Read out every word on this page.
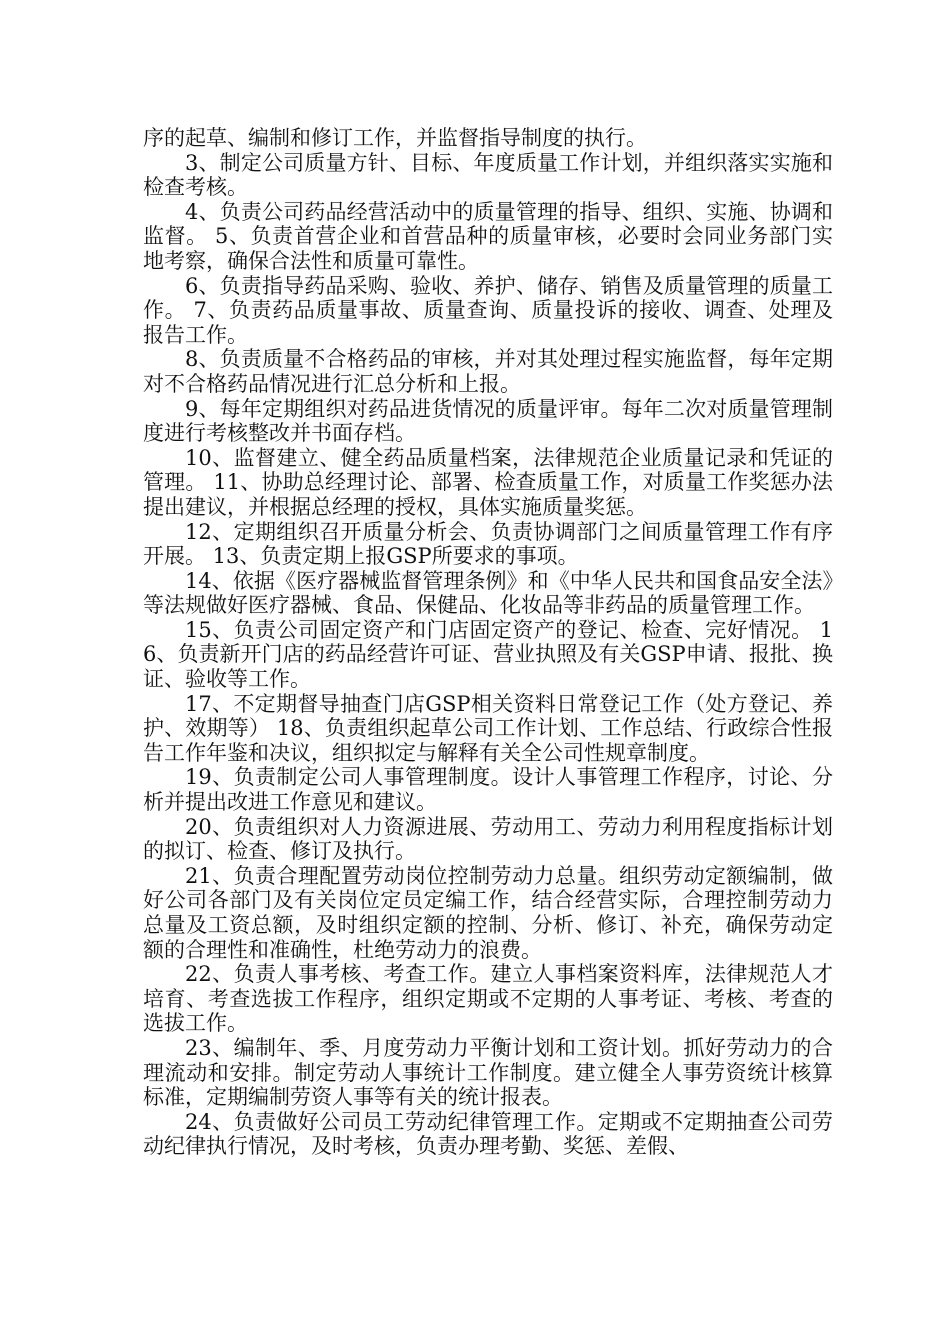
序的起草、编制和修订工作，并监督指导制度的执行。

3、制定公司质量方针、目标、年度质量工作计划，并组织落实实施和检查考核。

4、负责公司药品经营活动中的质量管理的指导、组织、实施、协调和监督。 5、负责首营企业和首营品种的质量审核，必要时会同业务部门实地考察，确保合法性和质量可靠性。

6、负责指导药品采购、验收、养护、储存、销售及质量管理的质量工作。 7、负责药品质量事故、质量查询、质量投诉的接收、调查、处理及报告工作。

8、负责质量不合格药品的审核，并对其处理过程实施监督，每年定期对不合格药品情况进行汇总分析和上报。

9、每年定期组织对药品进货情况的质量评审。每年二次对质量管理制度进行考核整改并书面存档。

10、监督建立、健全药品质量档案，法律规范企业质量记录和凭证的管理。 11、协助总经理讨论、部署、检查质量工作，对质量工作奖惩办法提出建议，并根据总经理的授权，具体实施质量奖惩。

12、定期组织召开质量分析会、负责协调部门之间质量管理工作有序开展。 13、负责定期上报GSP所要求的事项。

14、依据《医疗器械监督管理条例》和《中华人民共和国食品安全法》等法规做好医疗器械、食品、保健品、化妆品等非药品的质量管理工作。

15、负责公司固定资产和门店固定资产的登记、检查、完好情况。 16、负责新开门店的药品经营许可证、营业执照及有关GSP申请、报批、换证、验收等工作。

17、不定期督导抽查门店GSP相关资料日常登记工作（处方登记、养护、效期等） 18、负责组织起草公司工作计划、工作总结、行政综合性报告工作年鉴和决议，组织拟定与解释有关全公司性规章制度。

19、负责制定公司人事管理制度。设计人事管理工作程序，讨论、分析并提出改进工作意见和建议。

20、负责组织对人力资源进展、劳动用工、劳动力利用程度指标计划的拟订、检查、修订及执行。

21、负责合理配置劳动岗位控制劳动力总量。组织劳动定额编制，做好公司各部门及有关岗位定员定编工作，结合经营实际，合理控制劳动力总量及工资总额，及时组织定额的控制、分析、修订、补充，确保劳动定额的合理性和准确性，杜绝劳动力的浪费。

22、负责人事考核、考查工作。建立人事档案资料库，法律规范人才培育、考查选拔工作程序，组织定期或不定期的人事考证、考核、考查的选拔工作。

23、编制年、季、月度劳动力平衡计划和工资计划。抓好劳动力的合理流动和安排。制定劳动人事统计工作制度。建立健全人事劳资统计核算标准，定期编制劳资人事等有关的统计报表。

24、负责做好公司员工劳动纪律管理工作。定期或不定期抽查公司劳动纪律执行情况，及时考核，负责办理考勤、奖惩、差假、
